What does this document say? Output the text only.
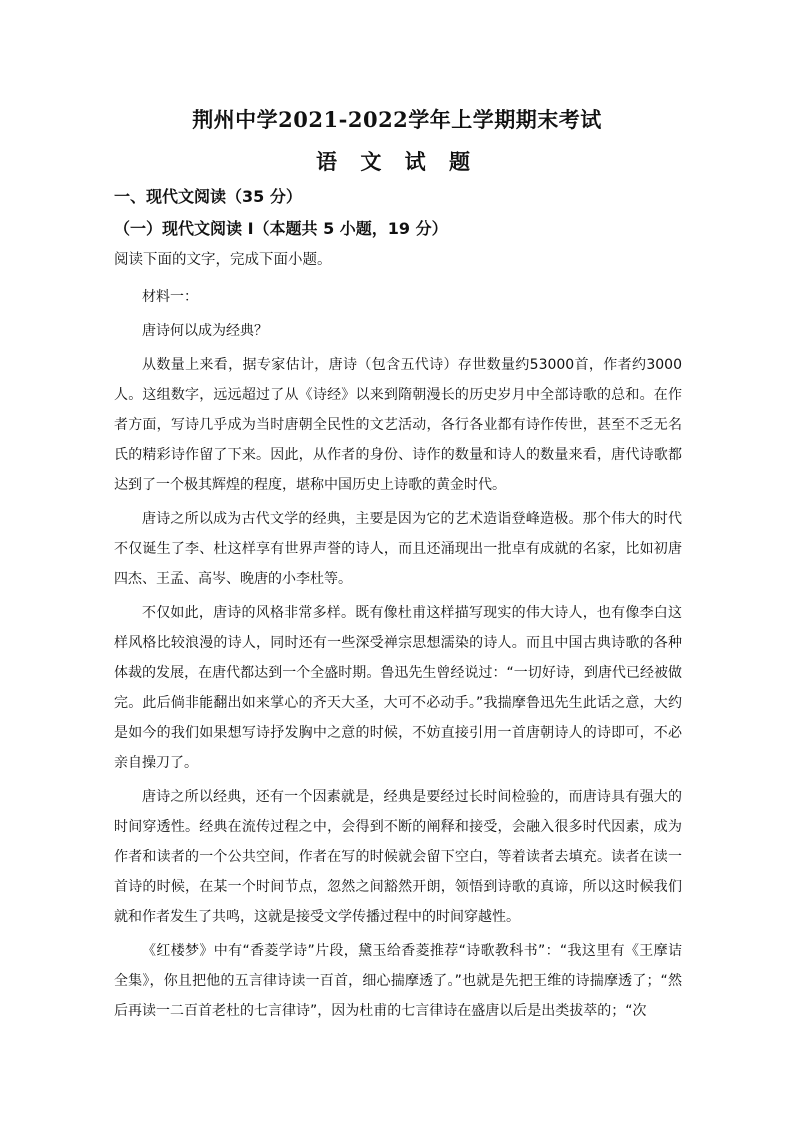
荆州中学2021-2022学年上学期期末考试
语 文 试 题
一、现代文阅读（35 分）
（一）现代文阅读 I（本题共 5 小题，19 分）
阅读下面的文字，完成下面小题。

材料一：

唐诗何以成为经典？

从数量上来看，据专家估计，唐诗（包含五代诗）存世数量约53000首，作者约3000人。这组数字，远远超过了从《诗经》以来到隋朝漫长的历史岁月中全部诗歌的总和。在作者方面，写诗几乎成为当时唐朝全民性的文艺活动，各行各业都有诗作传世，甚至不乏无名氏的精彩诗作留了下来。因此，从作者的身份、诗作的数量和诗人的数量来看，唐代诗歌都达到了一个极其辉煌的程度，堪称中国历史上诗歌的黄金时代。

唐诗之所以成为古代文学的经典，主要是因为它的艺术造诣登峰造极。那个伟大的时代不仅诞生了李、杜这样享有世界声誉的诗人，而且还涌现出一批卓有成就的名家，比如初唐四杰、王孟、高岑、晚唐的小李杜等。

不仅如此，唐诗的风格非常多样。既有像杜甫这样描写现实的伟大诗人，也有像李白这样风格比较浪漫的诗人，同时还有一些深受禅宗思想濡染的诗人。而且中国古典诗歌的各种体裁的发展，在唐代都达到一个全盛时期。鲁迅先生曾经说过：“一切好诗，到唐代已经被做完。此后倘非能翻出如来掌心的齐天大圣，大可不必动手。”我揣摩鲁迅先生此话之意，大约是如今的我们如果想写诗抒发胸中之意的时候，不妨直接引用一首唐朝诗人的诗即可，不必亲自操刀了。

唐诗之所以经典，还有一个因素就是，经典是要经过长时间检验的，而唐诗具有强大的时间穿透性。经典在流传过程之中，会得到不断的阐释和接受，会融入很多时代因素，成为作者和读者的一个公共空间，作者在写的时候就会留下空白，等着读者去填充。读者在读一首诗的时候，在某一个时间节点，忽然之间豁然开朗，领悟到诗歌的真谛，所以这时候我们就和作者发生了共鸣，这就是接受文学传播过程中的时间穿越性。

《红楼梦》中有“香菱学诗”片段，黛玉给香菱推荐“诗歌教科书”：“我这里有《王摩诘全集》，你且把他的五言律诗读一百首，细心揣摩透了。”也就是先把王维的诗揣摩透了；“然后再读一二百首老杜的七言律诗”，因为杜甫的七言律诗在盛唐以后是出类拔萃的；“次
